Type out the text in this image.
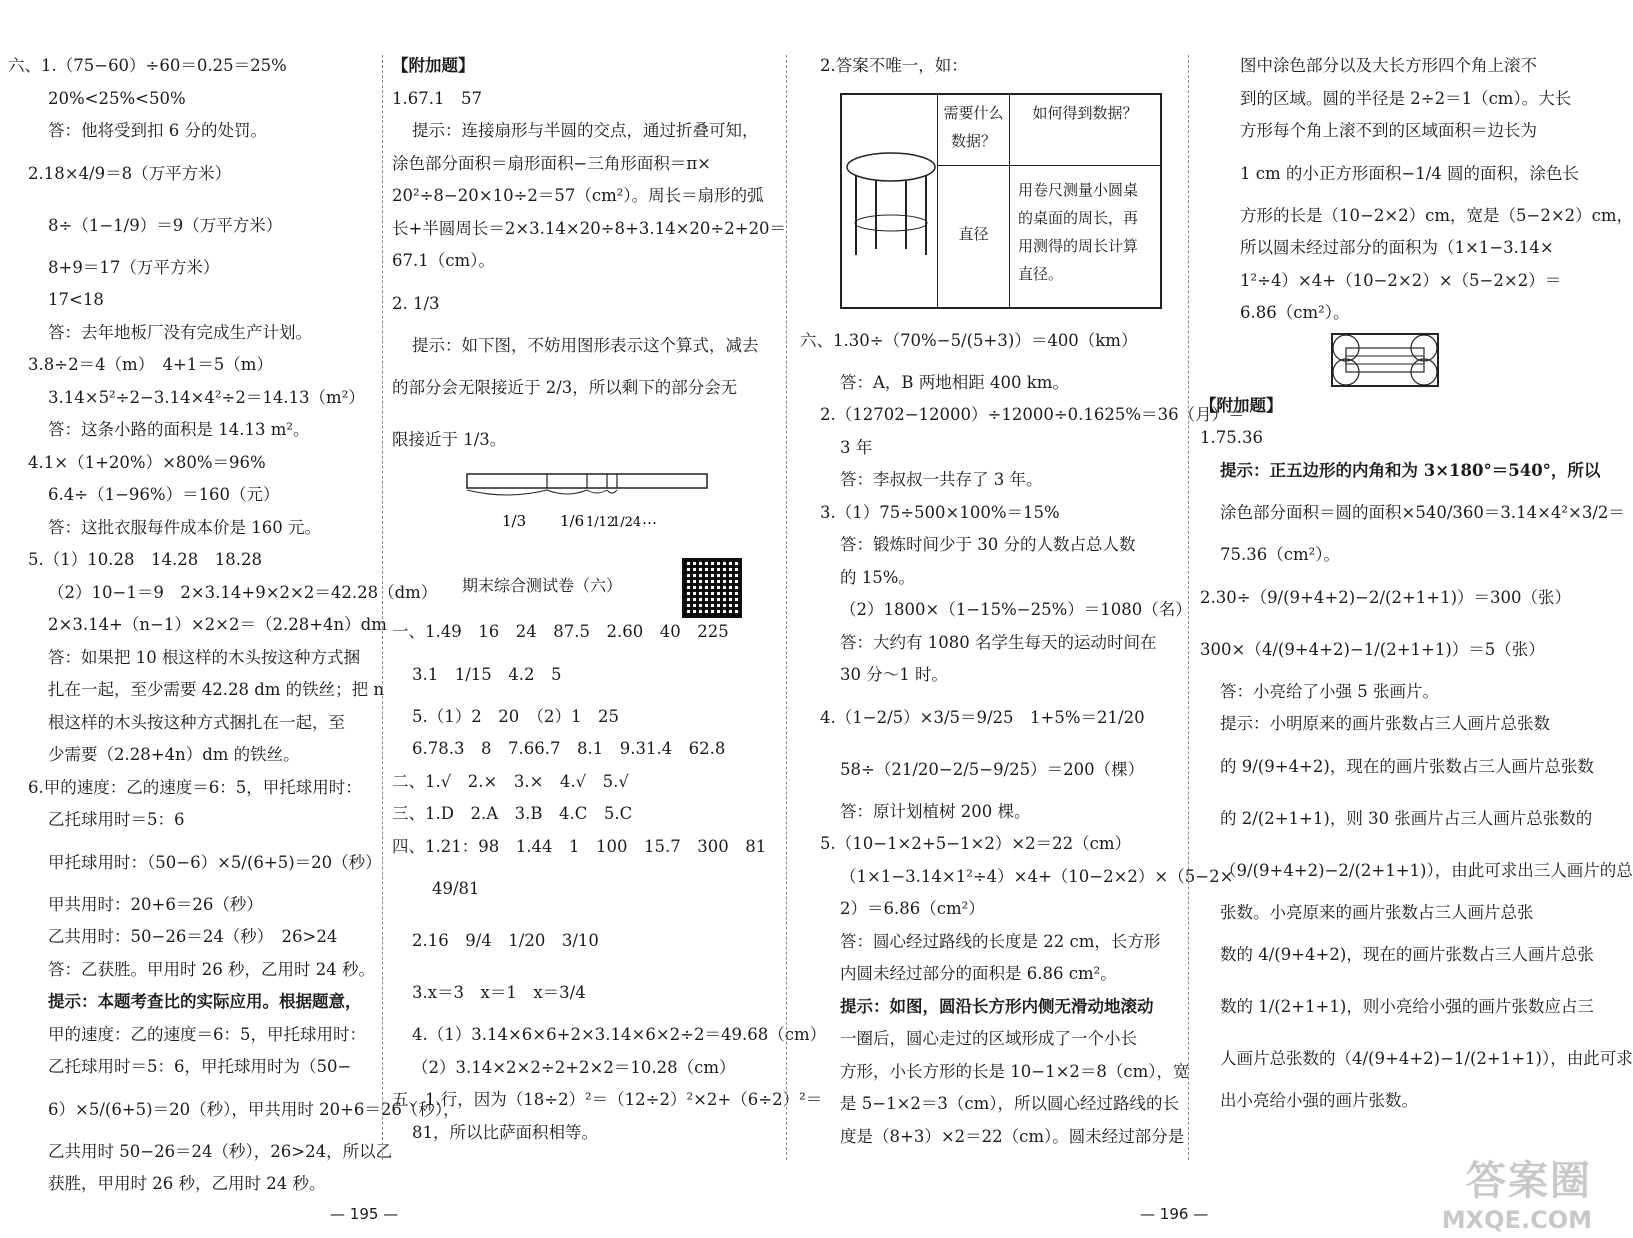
六、1.（75−60）÷60＝0.25＝25%
20%<25%<50%
答：他将受到扣 6 分的处罚。
2.18×4/9＝8（万平方米）
8÷（1−1/9）＝9（万平方米）
8+9＝17（万平方米）
17<18
答：去年地板厂没有完成生产计划。
3.8÷2＝4（m）　4+1＝5（m）
3.14×5²÷2−3.14×4²÷2＝14.13（m²）
答：这条小路的面积是 14.13 m²。
4.1×（1+20%）×80%＝96%
6.4÷（1−96%）＝160（元）
答：这批衣服每件成本价是 160 元。
5.（1）10.28　14.28　18.28
（2）10−1＝9　2×3.14+9×2×2＝42.28（dm）
2×3.14+（n−1）×2×2＝（2.28+4n）dm
答：如果把 10 根这样的木头按这种方式捆
扎在一起，至少需要 42.28 dm 的铁丝；把 n
根这样的木头按这种方式捆扎在一起，至
少需要（2.28+4n）dm 的铁丝。
6.甲的速度：乙的速度＝6：5，甲托球用时：
乙托球用时＝5：6
甲托球用时：（50−6）×5/(6+5)＝20（秒）
甲共用时：20+6＝26（秒）
乙共用时：50−26＝24（秒）　26>24
答：乙获胜。甲用时 26 秒，乙用时 24 秒。
提示：本题考查比的实际应用。根据题意，
甲的速度：乙的速度＝6：5，甲托球用时：
乙托球用时＝5：6，甲托球用时为（50−
6）×5/(6+5)＝20（秒），甲共用时 20+6＝26（秒），
乙共用时 50−26＝24（秒），26>24，所以乙
获胜，甲用时 26 秒，乙用时 24 秒。
【附加题】
1.67.1　57
提示：连接扇形与半圆的交点，通过折叠可知，
涂色部分面积＝扇形面积−三角形面积＝π×
20²÷8−20×10÷2＝57（cm²）。周长＝扇形的弧
长+半圆周长＝2×3.14×20÷8+3.14×20÷2+20＝
67.1（cm）。
2. 1/3
提示：如下图，不妨用图形表示这个算式，减去
的部分会无限接近于 2/3，所以剩下的部分会无
限接近于 1/3。
1/3 1/6 1/12
1/24 …
期末综合测试卷（六）
一、1.49　16　24　87.5　2.60　40　225
3.1　1/15　4.2　5
5.（1）2　20　（2）1　25
6.78.3　8　7.66.7　8.1　9.31.4　62.8
二、1.√　2.×　3.×　4.√　5.√
三、1.D　2.A　3.B　4.C　5.C
四、1.21：98　1.44　1　100　15.7　300　81
49/81
2.16　9/4　1/20　3/10
3.x＝3　x＝1　x＝3/4
4.（1）3.14×6×6+2×3.14×6×2÷2＝49.68（cm）
（2）3.14×2×2÷2+2×2＝10.28（cm）
五、1.行，因为（18÷2）²＝（12÷2）²×2+（6÷2）²＝
81，所以比萨面积相等。
2.答案不唯一，如：
需要什么数据？
如何得到数据？
直径
用卷尺测量小圆桌的桌面的周长，再用测得的周长计算直径。
六、1.30÷（70%−5/(5+3)）＝400（km）
答：A，B 两地相距 400 km。
2.（12702−12000）÷12000÷0.1625%＝36（月）＝
3 年
答：李叔叔一共存了 3 年。
3.（1）75÷500×100%＝15%
答：锻炼时间少于 30 分的人数占总人数
的 15%。
（2）1800×（1−15%−25%）＝1080（名）
答：大约有 1080 名学生每天的运动时间在
30 分～1 时。
4.（1−2/5）×3/5＝9/25　1+5%＝21/20
58÷（21/20−2/5−9/25）＝200（棵）
答：原计划植树 200 棵。
5.（10−1×2+5−1×2）×2＝22（cm）
（1×1−3.14×1²÷4）×4+（10−2×2）×（5−2×
2）＝6.86（cm²）
答：圆心经过路线的长度是 22 cm，长方形
内圆未经过部分的面积是 6.86 cm²。
提示：如图，圆沿长方形内侧无滑动地滚动
一圈后，圆心走过的区域形成了一个小长
方形，小长方形的长是 10−1×2＝8（cm），宽
是 5−1×2＝3（cm），所以圆心经过路线的长
度是（8+3）×2＝22（cm）。圆未经过部分是
图中涂色部分以及大长方形四个角上滚不
到的区域。圆的半径是 2÷2＝1（cm）。大长
方形每个角上滚不到的区域面积＝边长为
1 cm 的小正方形面积−1/4 圆的面积，涂色长
方形的长是（10−2×2）cm，宽是（5−2×2）cm，
所以圆未经过部分的面积为（1×1−3.14×
1²÷4）×4+（10−2×2）×（5−2×2）＝
6.86（cm²）。
【附加题】
1.75.36
提示：正五边形的内角和为 3×180°＝540°，所以
涂色部分面积＝圆的面积×540/360＝3.14×4²×3/2＝
75.36（cm²）。
2.30÷（9/(9+4+2)−2/(2+1+1)）＝300（张）
300×（4/(9+4+2)−1/(2+1+1)）＝5（张）
答：小亮给了小强 5 张画片。
提示：小明原来的画片张数占三人画片总张数
的 9/(9+4+2)，现在的画片张数占三人画片总张数
的 2/(2+1+1)，则 30 张画片占三人画片总张数的
（9/(9+4+2)−2/(2+1+1)），由此可求出三人画片的总
张数。小亮原来的画片张数占三人画片总张
数的 4/(9+4+2)，现在的画片张数占三人画片总张
数的 1/(2+1+1)，则小亮给小强的画片张数应占三
人画片总张数的（4/(9+4+2)−1/(2+1+1)），由此可求
出小亮给小强的画片张数。
— 195 —	— 196 —
答案圈
MXQE.COM
